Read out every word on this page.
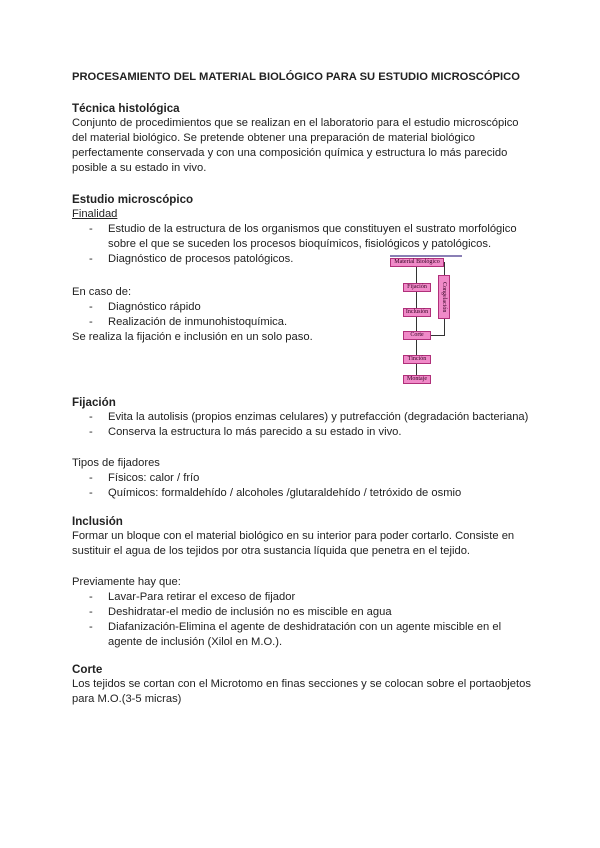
PROCESAMIENTO DEL MATERIAL BIOLÓGICO PARA SU ESTUDIO MICROSCÓPICO

Técnica histológica

Conjunto de procedimientos que se realizan en el laboratorio para el estudio microscópico

del material biológico. Se pretende obtener una preparación de material biológico

perfectamente conservada y con una composición química y estructura lo más parecido

posible a su estado in vivo.

Estudio microscópico

Finalidad

- Estudio de la estructura de los organismos que constituyen el sustrato morfológico
sobre el que se suceden los procesos bioquímicos, fisiológicos y patológicos.
- Diagnóstico de procesos patológicos.

En caso de:

- Diagnóstico rápido
- Realización de inmunohistoquímica.

Se realiza la fijación e inclusión en un solo paso.

Fijación

- Evita la autolisis (propios enzimas celulares) y putrefacción (degradación bacteriana)
- Conserva la estructura lo más parecido a su estado in vivo.

Tipos de fijadores

- Físicos: calor / frío
- Químicos: formaldehído / alcoholes /glutaraldehído / tetróxido de osmio

Inclusión

Formar un bloque con el material biológico en su interior para poder cortarlo. Consiste en

sustituir el agua de los tejidos por otra sustancia líquida que penetra en el tejido.

Previamente hay que:

- Lavar-Para retirar el exceso de fijador
- Deshidratar-el medio de inclusión no es miscible en agua
- Diafanización-Elimina el agente de deshidratación con un agente miscible en el
agente de inclusión (Xilol en M.O.).

Corte

Los tejidos se cortan con el Microtomo en finas secciones y se colocan sobre el portaobjetos

para M.O.(3-5 micras)

Material Biológico
Fijación
Inclusión
Corte
Tinción
Montaje
Congelación
